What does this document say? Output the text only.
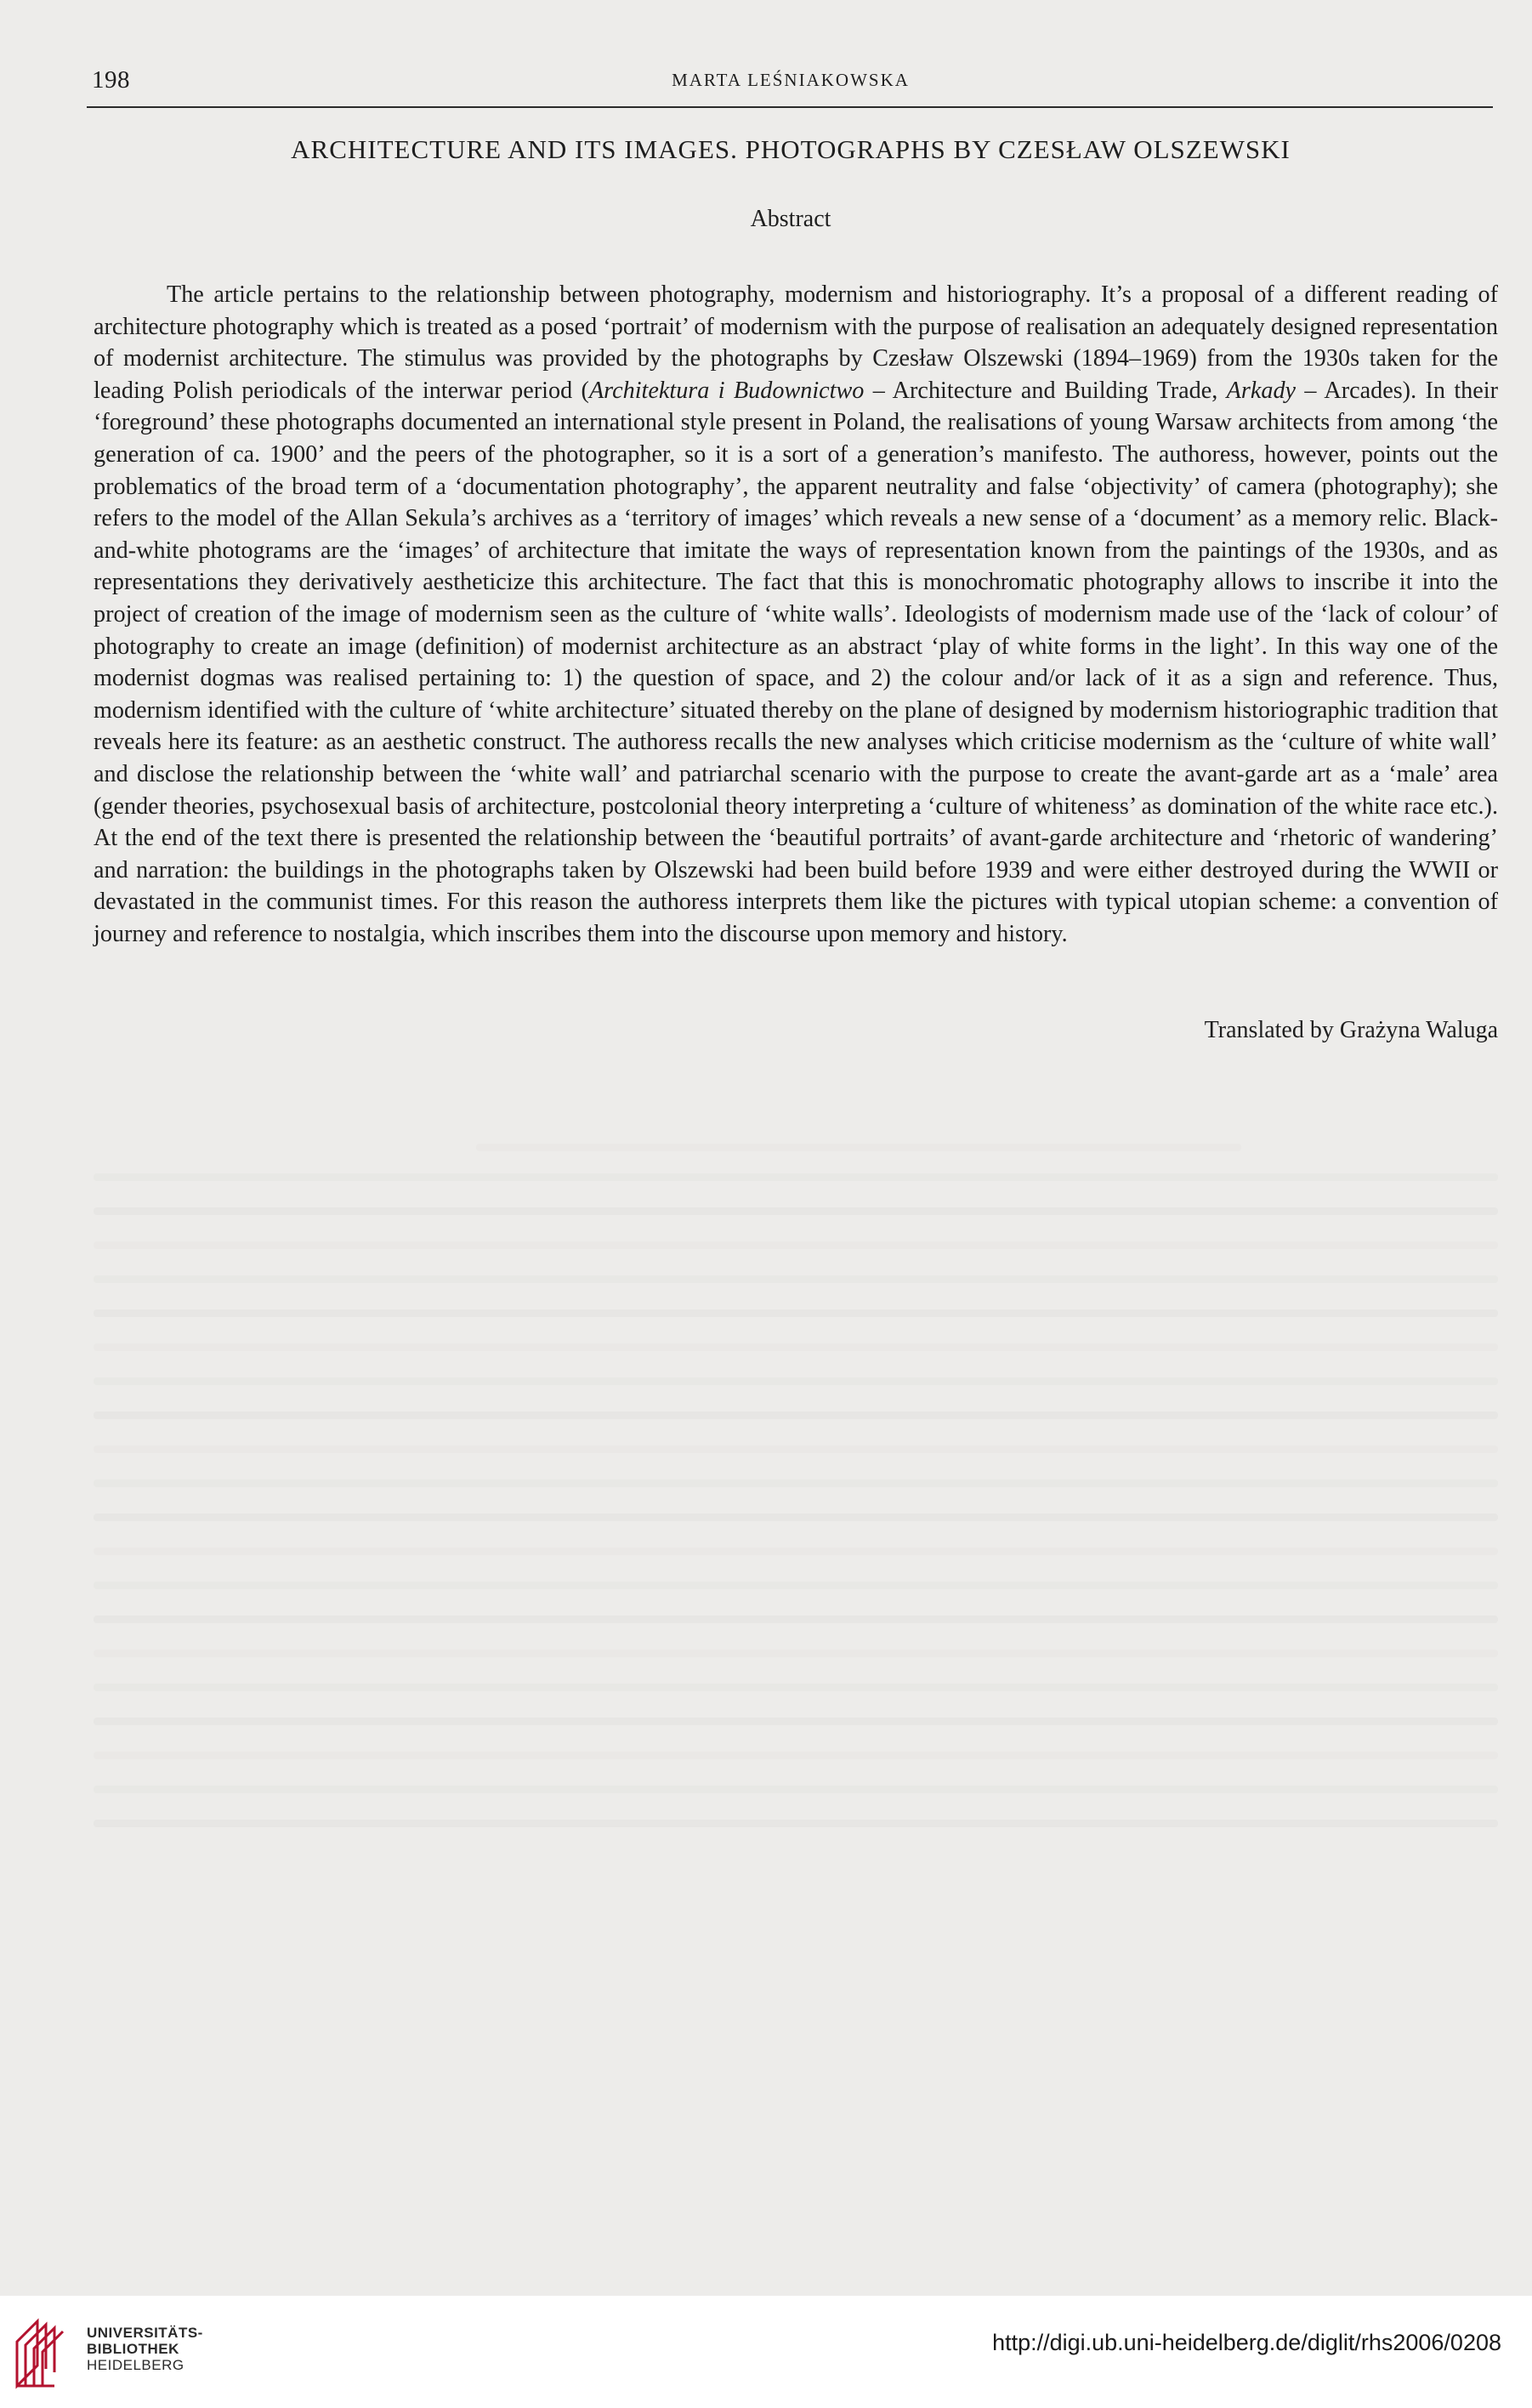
198	MARTA LEŚNIAKOWSKA
ARCHITECTURE AND ITS IMAGES. PHOTOGRAPHS BY CZESŁAW OLSZEWSKI
Abstract

The article pertains to the relationship between photography, modernism and historiography. It’s a proposal of a different reading of architecture photography which is treated as a posed ‘portrait’ of modernism with the purpose of realisation an adequately designed representation of modernist architecture. The stimulus was provided by the photographs by Czesław Olszewski (1894–1969) from the 1930s taken for the leading Polish periodicals of the interwar period (Architektura i Budownictwo – Architecture and Building Trade, Arkady – Arcades). In their ‘foreground’ these photographs documented an international style present in Poland, the realisations of young Warsaw architects from among ‘the generation of ca. 1900’ and the peers of the photographer, so it is a sort of a generation’s manifesto. The authoress, however, points out the problematics of the broad term of a ‘documentation photography’, the apparent neutrality and false ‘objectivity’ of camera (photography); she refers to the model of the Allan Sekula’s archives as a ‘territory of images’ which reveals a new sense of a ‘document’ as a memory relic. Black-and-white photograms are the ‘images’ of architecture that imitate the ways of representation known from the paintings of the 1930s, and as representations they derivatively aestheticize this architecture. The fact that this is monochromatic photography allows to inscribe it into the project of creation of the image of modernism seen as the culture of ‘white walls’. Ideologists of modernism made use of the ‘lack of colour’ of photography to create an image (definition) of modernist architecture as an abstract ‘play of white forms in the light’. In this way one of the modernist dogmas was realised pertaining to: 1) the question of space, and 2) the colour and/or lack of it as a sign and reference. Thus, modernism identified with the culture of ‘white architecture’ situated thereby on the plane of designed by modernism historiographic tradition that reveals here its feature: as an aesthetic construct. The authoress recalls the new analyses which criticise modernism as the ‘culture of white wall’ and disclose the relationship between the ‘white wall’ and patriarchal scenario with the purpose to create the avant-garde art as a ‘male’ area (gender theories, psychosexual basis of architecture, postcolonial theory interpreting a ‘culture of whiteness’ as domination of the white race etc.). At the end of the text there is presented the relationship between the ‘beautiful portraits’ of avant-garde architecture and ‘rhetoric of wandering’ and narration: the buildings in the photographs taken by Olszewski had been build before 1939 and were either destroyed during the WWII or devastated in the communist times. For this reason the authoress interprets them like the pictures with typical utopian scheme: a convention of journey and reference to nostalgia, which inscribes them into the discourse upon memory and history.

Translated by Grażyna Waluga
UNIVERSITÄTS-
BIBLIOTHEK
HEIDELBERG
http://digi.ub.uni-heidelberg.de/diglit/rhs2006/0208
